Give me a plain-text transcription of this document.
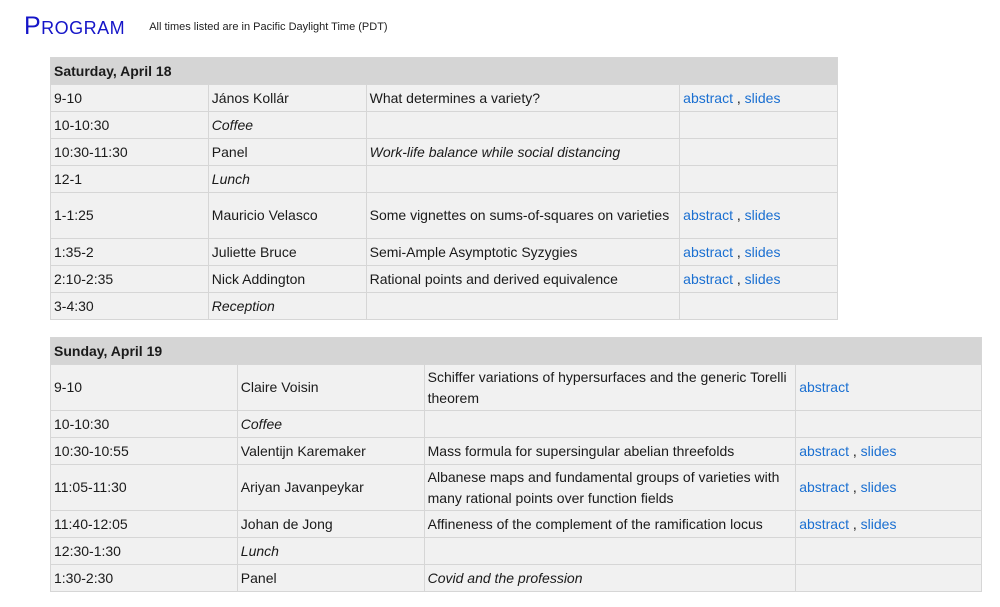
Program All times listed are in Pacific Daylight Time (PDT)
Saturday, April 18			
9-10	János Kollár	What determines a variety?	abstract , slides
10-10:30	Coffee		
10:30-11:30	Panel	Work-life balance while social distancing	
12-1	Lunch		
1-1:25	Mauricio Velasco	Some vignettes on sums-of-squares on varieties	abstract , slides
1:35-2	Juliette Bruce	Semi-Ample Asymptotic Syzygies	abstract , slides
2:10-2:35	Nick Addington	Rational points and derived equivalence	abstract , slides
3-4:30	Reception		
Sunday, April 19			
9-10	Claire Voisin	Schiffer variations of hypersurfaces and the generic Torelli theorem	abstract
10-10:30	Coffee		
10:30-10:55	Valentijn Karemaker	Mass formula for supersingular abelian threefolds	abstract , slides
11:05-11:30	Ariyan Javanpeykar	Albanese maps and fundamental groups of varieties with many rational points over function fields	abstract , slides
11:40-12:05	Johan de Jong	Affineness of the complement of the ramification locus	abstract , slides
12:30-1:30	Lunch		
1:30-2:30	Panel	Covid and the profession	
